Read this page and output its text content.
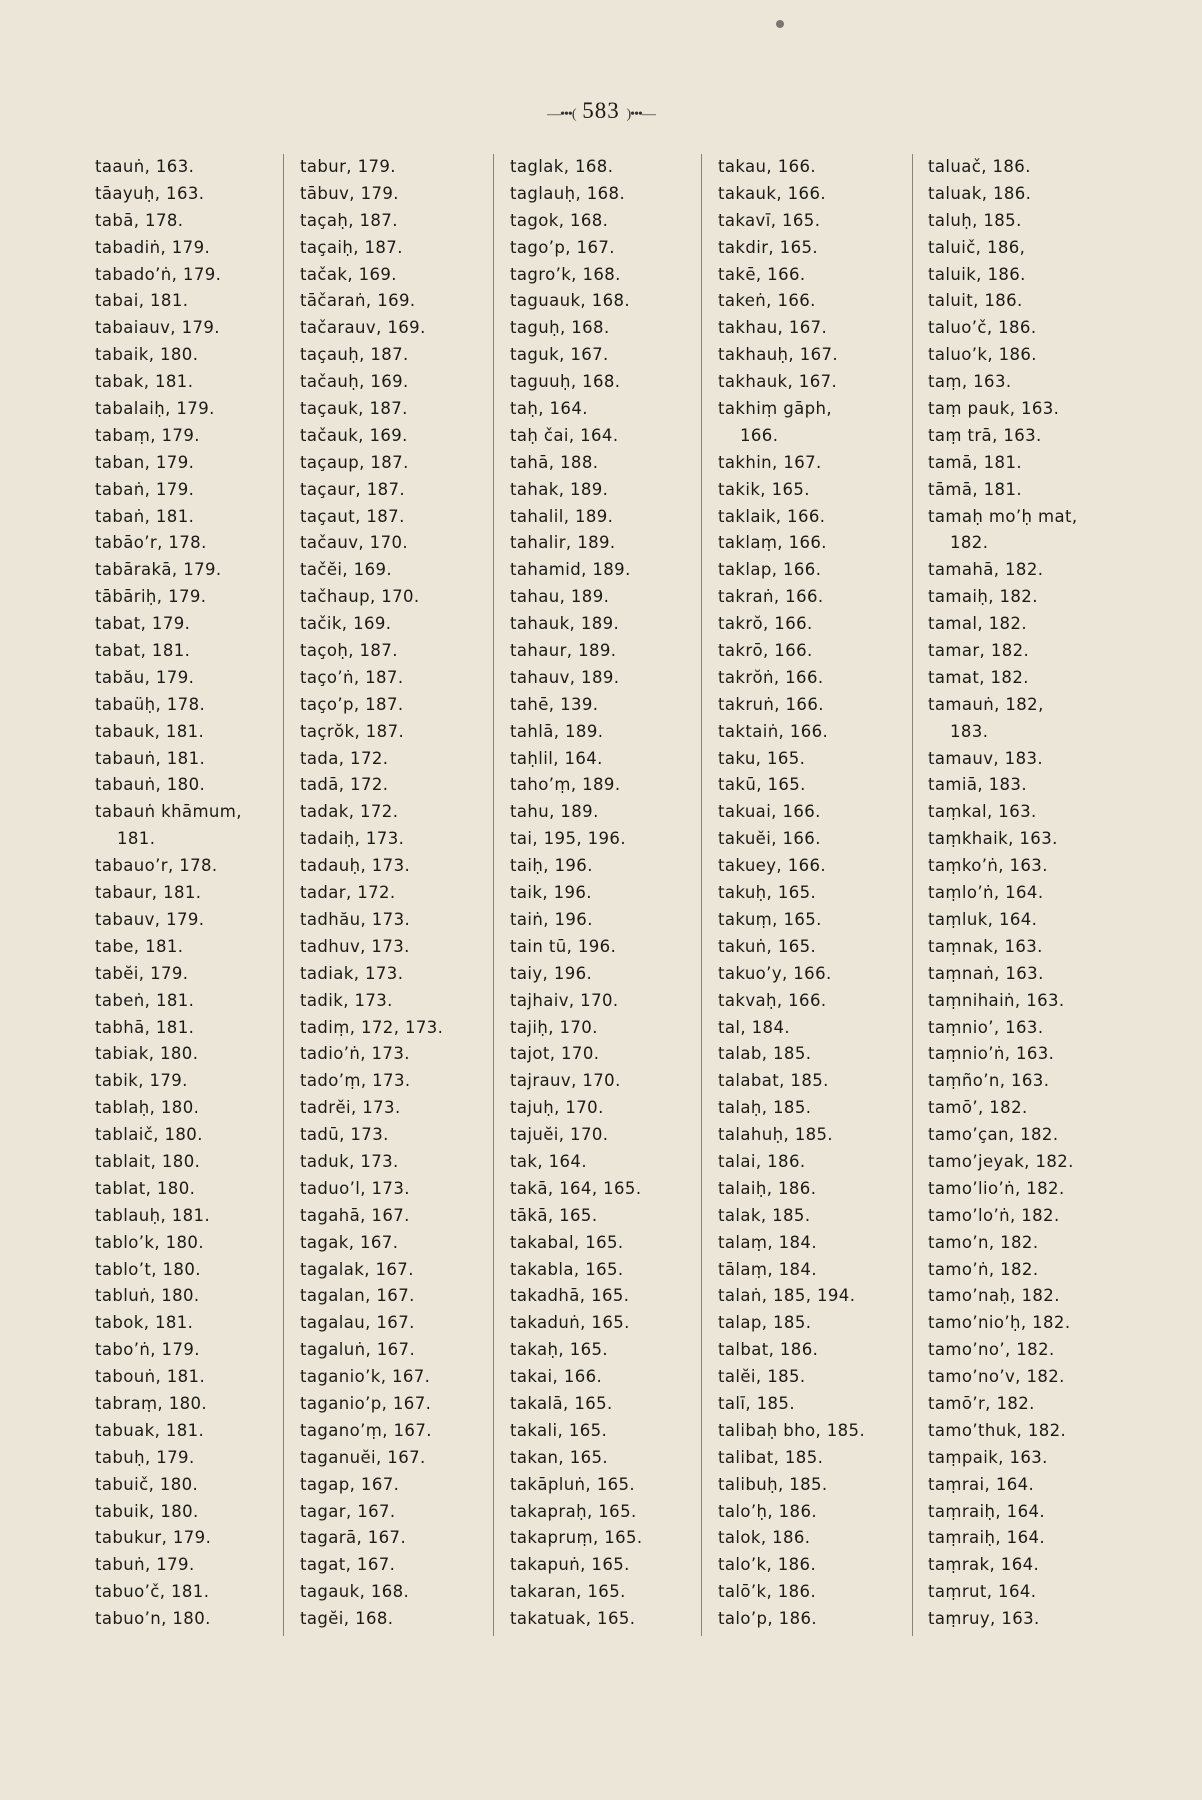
—•••( 583 )•••—
taauṅ, 163.
tāayuḥ, 163.
tabā, 178.
tabadiṅ, 179.
tabado’ṅ, 179.
tabai, 181.
tabaiauv, 179.
tabaik, 180.
tabak, 181.
tabalaiḥ, 179.
tabaṃ, 179.
taban, 179.
tabaṅ, 179.
tabaṅ, 181.
tabāo’r, 178.
tabārakā, 179.
tābāriḥ, 179.
tabat, 179.
tabat, 181.
tabău, 179.
tabaüḥ, 178.
tabauk, 181.
tabauṅ, 181.
tabauṅ, 180.
tabauṅ khāmum,
181.
tabauo’r, 178.
tabaur, 181.
tabauv, 179.
tabe, 181.
tabĕi, 179.
tabeṅ, 181.
tabhā, 181.
tabiak, 180.
tabik, 179.
tablaḥ, 180.
tablaič, 180.
tablait, 180.
tablat, 180.
tablauḥ, 181.
tablo’k, 180.
tablo’t, 180.
tabluṅ, 180.
tabok, 181.
tabo’ṅ, 179.
tabouṅ, 181.
tabraṃ, 180.
tabuak, 181.
tabuḥ, 179.
tabuič, 180.
tabuik, 180.
tabukur, 179.
tabuṅ, 179.
tabuo’č, 181.
tabuo’n, 180.
tabur, 179.
tābuv, 179.
taçaḥ, 187.
taçaiḥ, 187.
tačak, 169.
tāčaraṅ, 169.
tačarauv, 169.
taçauḥ, 187.
tačauḥ, 169.
taçauk, 187.
tačauk, 169.
taçaup, 187.
taçaur, 187.
taçaut, 187.
tačauv, 170.
tačĕi, 169.
tačhaup, 170.
tačik, 169.
taçoḥ, 187.
taço’ṅ, 187.
taço’p, 187.
taçrŏk, 187.
tada, 172.
tadā, 172.
tadak, 172.
tadaiḥ, 173.
tadauḥ, 173.
tadar, 172.
tadhău, 173.
tadhuv, 173.
tadiak, 173.
tadik, 173.
tadiṃ, 172, 173.
tadio’ṅ, 173.
tado’ṃ, 173.
tadrĕi, 173.
tadū, 173.
taduk, 173.
taduo’l, 173.
tagahā, 167.
tagak, 167.
tagalak, 167.
tagalan, 167.
tagalau, 167.
tagaluṅ, 167.
taganio’k, 167.
taganio’p, 167.
tagano’ṃ, 167.
taganuĕi, 167.
tagap, 167.
tagar, 167.
tagarā, 167.
tagat, 167.
tagauk, 168.
tagĕi, 168.
taglak, 168.
taglauḥ, 168.
tagok, 168.
tago’p, 167.
tagro’k, 168.
taguauk, 168.
taguḥ, 168.
taguk, 167.
taguuḥ, 168.
taḥ, 164.
taḥ čai, 164.
tahā, 188.
tahak, 189.
tahalil, 189.
tahalir, 189.
tahamid, 189.
tahau, 189.
tahauk, 189.
tahaur, 189.
tahauv, 189.
tahē, 139.
tahlā, 189.
taḥlil, 164.
taho’ṃ, 189.
tahu, 189.
tai, 195, 196.
taiḥ, 196.
taik, 196.
taiṅ, 196.
tain tū, 196.
taiy, 196.
tajhaiv, 170.
tajiḥ, 170.
tajot, 170.
tajrauv, 170.
tajuḥ, 170.
tajuĕi, 170.
tak, 164.
takā, 164, 165.
tākā, 165.
takabal, 165.
takabla, 165.
takadhā, 165.
takaduṅ, 165.
takaḥ, 165.
takai, 166.
takalā, 165.
takali, 165.
takan, 165.
takāpluṅ, 165.
takapraḥ, 165.
takapruṃ, 165.
takapuṅ, 165.
takaran, 165.
takatuak, 165.
takau, 166.
takauk, 166.
takavī, 165.
takdir, 165.
takē, 166.
takeṅ, 166.
takhau, 167.
takhauḥ, 167.
takhauk, 167.
takhiṃ gāph,
166.
takhin, 167.
takik, 165.
taklaik, 166.
taklaṃ, 166.
taklap, 166.
takraṅ, 166.
takrŏ, 166.
takrō, 166.
takrŏṅ, 166.
takruṅ, 166.
taktaiṅ, 166.
taku, 165.
takū, 165.
takuai, 166.
takuĕi, 166.
takuey, 166.
takuḥ, 165.
takuṃ, 165.
takuṅ, 165.
takuo’y, 166.
takvaḥ, 166.
tal, 184.
talab, 185.
talabat, 185.
talaḥ, 185.
talahuḥ, 185.
talai, 186.
talaiḥ, 186.
talak, 185.
talaṃ, 184.
tālaṃ, 184.
talaṅ, 185, 194.
talap, 185.
talbat, 186.
talĕi, 185.
talī, 185.
talibaḥ bho, 185.
talibat, 185.
talibuḥ, 185.
talo’ḥ, 186.
talok, 186.
talo’k, 186.
talō’k, 186.
talo’p, 186.
taluač, 186.
taluak, 186.
taluḥ, 185.
taluič, 186,
taluik, 186.
taluit, 186.
taluo’č, 186.
taluo’k, 186.
taṃ, 163.
taṃ pauk, 163.
taṃ trā, 163.
tamā, 181.
tāmā, 181.
tamaḥ mo’ḥ mat,
182.
tamahā, 182.
tamaiḥ, 182.
tamal, 182.
tamar, 182.
tamat, 182.
tamauṅ, 182,
183.
tamauv, 183.
tamiā, 183.
taṃkal, 163.
taṃkhaik, 163.
taṃko’ṅ, 163.
taṃlo’ṅ, 164.
taṃluk, 164.
taṃnak, 163.
taṃnaṅ, 163.
taṃnihaiṅ, 163.
taṃnio’, 163.
taṃnio’ṅ, 163.
taṃño’n, 163.
tamō’, 182.
tamo’çan, 182.
tamo’jeyak, 182.
tamo’lio’ṅ, 182.
tamo’lo’ṅ, 182.
tamo’n, 182.
tamo’ṅ, 182.
tamo’naḥ, 182.
tamo’nio’ḥ, 182.
tamo’no’, 182.
tamo’no’v, 182.
tamō’r, 182.
tamo’thuk, 182.
taṃpaik, 163.
taṃrai, 164.
taṃraiḥ, 164.
taṃraiḥ, 164.
taṃrak, 164.
taṃrut, 164.
taṃruy, 163.
